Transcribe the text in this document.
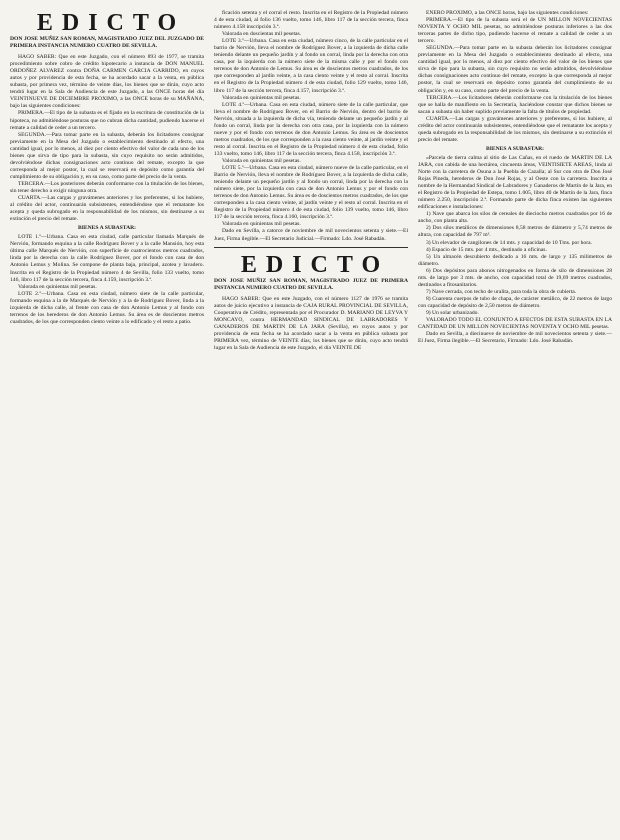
EDICTO

DON JOSE MUÑIZ SAN ROMAN, MAGISTRADO JUEZ DEL JUZGADO DE PRIMERA INSTANCIA NUMERO CUATRO DE SEVILLA.

HAGO SABER: Que en este Juzgado, con el número 893 de 1977, se tramita procedimiento sobre cobro de crédito hipotecario a instancia de DON MANUEL ORDOÑEZ ALVAREZ contra DOÑA CARMEN GARCIA GARRIDO, en cuyos autos y por providencia de esta fecha, se ha acordado sacar a la venta, en pública subasta, por primera vez, término de veinte días, los bienes que se dirán, cuyo acto tendrá lugar en la Sala de Audiencia de este Juzgado, a las ONCE horas del día VEINTINUEVE DE DICIEMBRE PROXIMO, a las ONCE horas de su MAÑANA, bajo las siguientes condiciones:

PRIMERA.—El tipo de la subasta es el fijado en la escritura de constitución de la hipoteca, no admitiéndose posturas que no cubran dicha cantidad, pudiendo hacerse el remate a calidad de ceder a un tercero.

SEGUNDA.—Para tomar parte en la subasta, deberán los licitadores consignar previamente en la Mesa del Juzgado o establecimiento destinado al efecto, una cantidad igual, por lo menos, al diez por ciento efectivo del valor de cada uno de los bienes que sirva de tipo para la subasta, sin cuyo requisito no serán admitidos, devolviéndose dichas consignaciones acto continuo del remate, excepto la que corresponda al mejor postor, la cual se reservará en depósito como garantía del cumplimiento de su obligación y, en su caso, como parte del precio de la venta.

TERCERA.—Los posteriores deberán conformarse con la titulación de los bienes, sin tener derecho a exigir ninguna otra.

CUARTA.—Las cargas y gravámenes anteriores y los preferentes, si los hubiere, al crédito del actor, continuarán subsistentes, entendiéndose que el rematante los acepta y queda subrogado en la responsabilidad de los mismos, sin destinarse a su extinción el precio del remate.

BIENES A SUBASTAR:

LOTE 1.º—Urbana. Casa en esta ciudad, calle particular llamada Marqués de Nervión, formando esquina a la calle Rodríguez Bover y a la calle Mansión, hoy esta última calle Marqués de Nervión, con superficie de cuatrocientos metros cuadrados, linda por la derecha con la calle Rodríguez Bover, por el fondo con casa de don Antonio Lemus y Molina. Se compone de planta baja, principal, azotea y lavadero. Inscrita en el Registro de la Propiedad número 4 de Sevilla, folio 133 vuelto, tomo 146, libro 117 de la sección tercera, finca 4.159, inscripción 3.ª.

Valorada en quinientas mil pesetas.

LOTE 2.º—Urbana. Casa en esta ciudad, número siete de la calle particular, formando esquina a la de Marqués de Nervión y a la de Rodríguez Bover, linda a la izquierda de dicha calle, al frente con casa de don Antonio Lemus y al fondo con terrenos de los herederos de don Antonio Lemus. Su área es de doscientos metros cuadrados, de los que corresponden ciento veinte a lo edificado y el resto a patio.

ficación setenta y el corral el resto. Inscrita en el Registro de la Propiedad número 4 de esta ciudad, al folio 136 vuelto, tomo 146, libro 117 de la sección tercera, finca número 4.158 inscripción 3.ª.

Valorada en doscientas mil pesetas.

LOTE 3.º—Urbana. Casa en esta ciudad, número cinco, de la calle particular en el barrio de Nervión, lleva el nombre de Rodríguez Bover, a la izquierda de dicha calle teniendo delante un pequeño jardín y al fondo un corral, linda por la derecha con otra casa, por la izquierda con la número siete de la misma calle y por el fondo con terrenos de don Antonio de Lemus. Su área es de doscientos metros cuadrados, de los que corresponden al jardín veinte, a la casa ciento veinte y el resto al corral. Inscrita en el Registro de la Propiedad número 4 de esta ciudad, folio 129 vuelto, tomo 146, libro 117 de la sección tercera, finca 4.157, inscripción 3.ª.

Valorada en quinientas mil pesetas.

LOTE 4.º—Urbana. Casa en esta ciudad, número siete de la calle particular, que lleva el nombre de Rodríguez Bover, en el Barrio de Nervión, dentro del barrio de Nervión, situada a la izquierda de dicha vía, teniendo delante un pequeño jardín y al fondo un corral, linda por la derecha con otra casa, por la izquierda con la número nueve y por el fondo con terrenos de don Antonio Lemus. Su área es de doscientos metros cuadrados, de los que corresponden a la casa ciento veinte, al jardín veinte y el resto al corral. Inscrita en el Registro de la Propiedad número 4 de esta ciudad, folio 133 vuelto, tomo 146, libro 117 de la sección tercera, finca 4.158, inscripción 3.ª.

Valorada en quinientas mil pesetas.

LOTE 5.º—Urbana. Casa en esta ciudad, número nueve de la calle particular, en el Barrio de Nervión, lleva el nombre de Rodríguez Bover, a la izquierda de dicha calle, teniendo delante un pequeño jardín y al fondo un corral, linda por la derecha con la número siete, por la izquierda con casa de don Antonio Lemus y por el fondo con terrenos de don Antonio Lemus. Su área es de doscientos metros cuadrados, de los que corresponden a la casa ciento veinte, al jardín veinte y el resto al corral. Inscrita en el Registro de la Propiedad número 4 de esta ciudad, folio 139 vuelto, tomo 146, libro 117 de la sección tercera, finca 4.160, inscripción 3.ª.

Valorada en quinientas mil pesetas.

Dado en Sevilla, a catorce de noviembre de mil novecientos setenta y siete.—El Juez, Firma ilegible.—El Secretario Judicial.—Firmado: Ldo. José Rabadán.

EDICTO

DON JOSE MUÑIZ SAN ROMAN, MAGISTRADO JUEZ DE PRIMERA INSTANCIA NUMERO CUATRO DE SEVILLA.

HAGO SABER: Que en este Juzgado, con el número 1127 de 1976 se tramita autos de juicio ejecutivo a instancia de CAJA RURAL PROVINCIAL DE SEVILLA, Cooperativa de Crédito, representada por el Procurador D. MARIANO DE LEYVA Y MONCAYO, contra HERMANDAD SINDICAL DE LABRADORES Y GANADEROS DE MARTIN DE LA JARA (Sevilla), en cuyos autos y por providencia de esta fecha se ha acordado sacar a la venta en pública subasta por PRIMERA vez, término de VEINTE días, los bienes que se dirán, cuyo acto tendrá lugar en la Sala de Audiencia de este Juzgado, el día VEINTE DE

ENERO PROXIMO, a las ONCE horas, bajo las siguientes condiciones:

PRIMERA.—El tipo de la subasta será el de UN MILLON NOVECIENTAS NOVENTA Y OCHO MIL pesetas, no admitiéndose posturas inferiores a las dos terceras partes de dicho tipo, pudiendo hacerse el remate a calidad de ceder a un tercero.

SEGUNDA.—Para tomar parte en la subasta deberán los licitadores consignar previamente en la Mesa del Juzgado o establecimiento destinado al efecto, una cantidad igual, por lo menos, al diez por ciento efectivo del valor de los bienes que sirva de tipo para la subasta, sin cuyo requisito no serán admitidos, devolviéndose dichas consignaciones acto continuo del remate, excepto la que corresponda al mejor postor, la cual se reservará en depósito como garantía del cumplimiento de su obligación y, en su caso, como parte del precio de la venta.

TERCERA.—Los licitadores deberán conformarse con la titulación de los bienes que se halla de manifiesto en la Secretaría, haciéndose constar que dichos bienes se sacan a subasta sin haber suplido previamente la falta de títulos de propiedad.

CUARTA.—Las cargas y gravámenes anteriores y preferentes, si los hubiere, al crédito del actor continuarán subsistentes, entendiéndose que el rematante los acepta y queda subrogado en la responsabilidad de los mismos, sin destinarse a su extinción el precio del remate.

BIENES A SUBASTAR:

«Parcela de tierra calma al sitio de Las Cañas, en el ruedo de MARTIN DE LA JARA, con cabida de una hectárea, cincuenta áreas, VEINTISIETE AREAS, linda al Norte con la carretera de Osuna a la Puebla de Cazalla; al Sur con otra de Don José Rojas Pineda, herederos de Don José Rojas, y al Oeste con la carretera. Inscrita a nombre de la Hermandad Sindical de Labradores y Ganaderos de Martín de la Jara, en el Registro de la Propiedad de Estepa, tomo 1.005, libro 40 de Martín de la Jara, finca número 2.250, inscripción 2.ª. Formando parte de dicha finca existen las siguientes edificaciones e instalaciones:

1) Nave que abarca los silos de cereales de dieciocho metros cuadrados por 16 de ancho, con planta alta.

2) Dos silos metálicos de dimensiones 8,58 metros de diámetro y 5,74 metros de altura, con capacidad de 797 m³.

3) Un elevador de cangilones de 14 mts. y capacidad de 10 Tms. por hora.

4) Espacio de 15 mts. por 4 mts., destinado a oficinas.

5) Un almacén descubierto dedicado a 16 mts. de largo y 135 milímetros de diámetro.

6) Dos depósitos para abonos nitrogenados en forma de silo de dimensiones 28 mts. de largo por 3 mts. de ancho, con capacidad total de 19,69 metros cuadrados, destinados a fitosanitarios.

7) Nave cerrada, con techo de uralita, para toda la obra de cubierta.

8) Cuarenta cuerpos de tubo de chapa, de carácter metálico, de 22 metros de largo con capacidad de depósito de 2,50 metros de diámetro.

9) Un solar urbanizado.

VALORADO TODO EL CONJUNTO A EFECTOS DE ESTA SUBASTA EN LA CANTIDAD DE UN MILLON NOVECIENTAS NOVENTA Y OCHO MIL pesetas.

Dado en Sevilla, a diecinueve de noviembre de mil novecientos setenta y siete.—El Juez, Firma ilegible.—El Secretario, Firmado: Ldo. José Rabadán.
